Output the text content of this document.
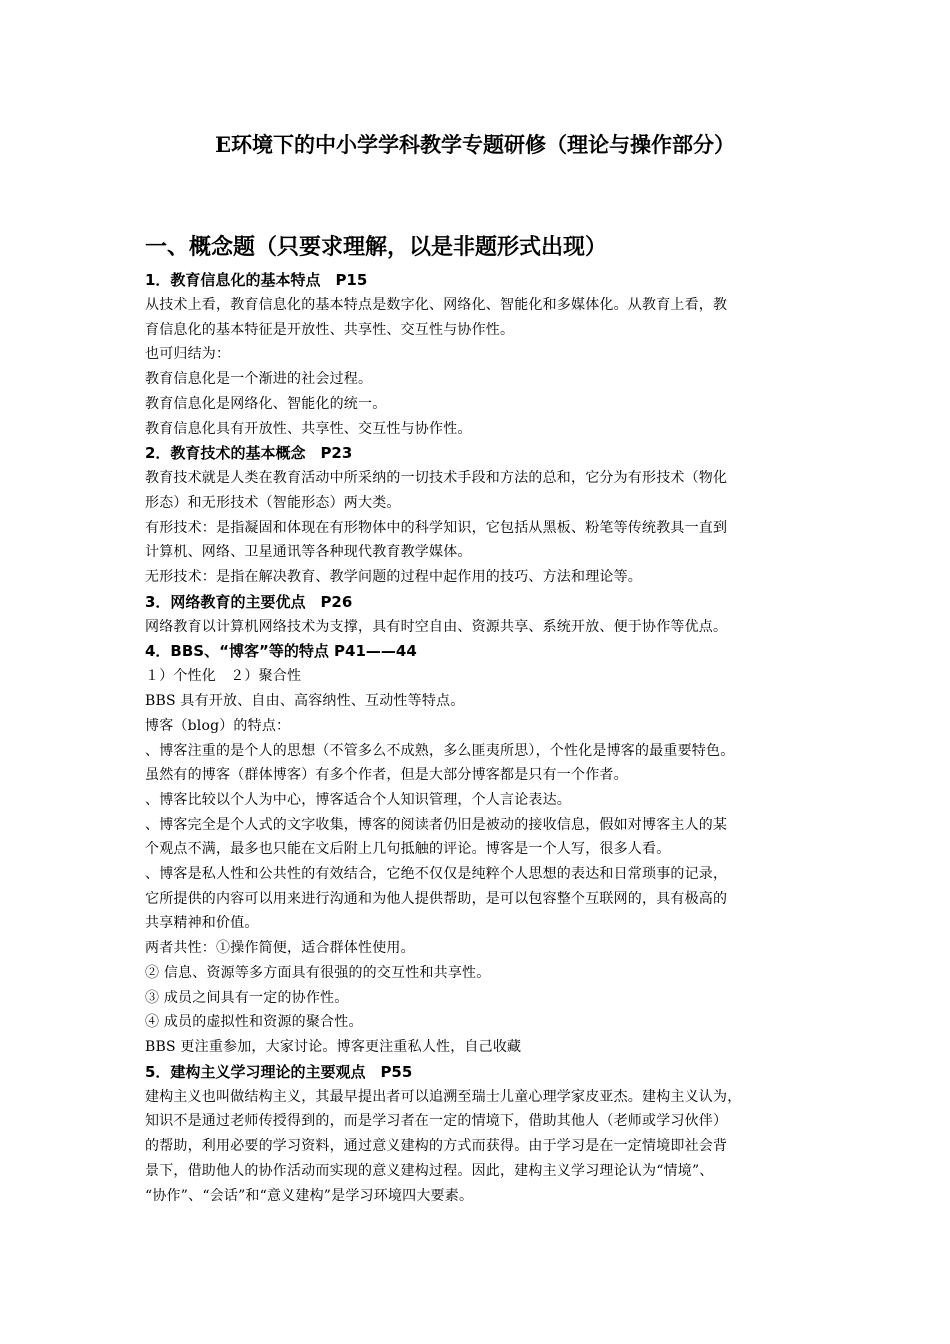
E环境下的中小学学科教学专题研修（理论与操作部分）
一、概念题（只要求理解，以是非题形式出现）
1．教育信息化的基本特点　P15
从技术上看，教育信息化的基本特点是数字化、网络化、智能化和多媒体化。从教育上看，教
育信息化的基本特征是开放性、共享性、交互性与协作性。
也可归结为：
教育信息化是一个渐进的社会过程。
教育信息化是网络化、智能化的统一。
教育信息化具有开放性、共享性、交互性与协作性。
2．教育技术的基本概念　P23
教育技术就是人类在教育活动中所采纳的一切技术手段和方法的总和，它分为有形技术（物化
形态）和无形技术（智能形态）两大类。
有形技术：是指凝固和体现在有形物体中的科学知识，它包括从黑板、粉笔等传统教具一直到
计算机、网络、卫星通讯等各种现代教育教学媒体。
无形技术：是指在解决教育、教学问题的过程中起作用的技巧、方法和理论等。
3．网络教育的主要优点　P26
网络教育以计算机网络技术为支撑，具有时空自由、资源共享、系统开放、便于协作等优点。
4．BBS、“博客”等的特点 P41——44
１）个性化　２）聚合性
BBS 具有开放、自由、高容纳性、互动性等特点。
博客（blog）的特点：
、博客注重的是个人的思想（不管多么不成熟，多么匪夷所思），个性化是博客的最重要特色。
虽然有的博客（群体博客）有多个作者，但是大部分博客都是只有一个作者。
、博客比较以个人为中心，博客适合个人知识管理，个人言论表达。
、博客完全是个人式的文字收集，博客的阅读者仍旧是被动的接收信息，假如对博客主人的某
个观点不满，最多也只能在文后附上几句抵触的评论。博客是一个人写，很多人看。
、博客是私人性和公共性的有效结合，它绝不仅仅是纯粹个人思想的表达和日常琐事的记录，
它所提供的内容可以用来进行沟通和为他人提供帮助，是可以包容整个互联网的，具有极高的
共享精神和价值。
两者共性：①操作简便，适合群体性使用。
② 信息、资源等多方面具有很强的的交互性和共享性。
③ 成员之间具有一定的协作性。
④ 成员的虚拟性和资源的聚合性。
BBS 更注重参加，大家讨论。博客更注重私人性，自己收藏
5．建构主义学习理论的主要观点　P55
建构主义也叫做结构主义，其最早提出者可以追溯至瑞士儿童心理学家皮亚杰。建构主义认为，
知识不是通过老师传授得到的，而是学习者在一定的情境下，借助其他人（老师或学习伙伴）
的帮助，利用必要的学习资料，通过意义建构的方式而获得。由于学习是在一定情境即社会背
景下，借助他人的协作活动而实现的意义建构过程。因此，建构主义学习理论认为“情境”、
“协作”、“会话”和“意义建构”是学习环境四大要素。
